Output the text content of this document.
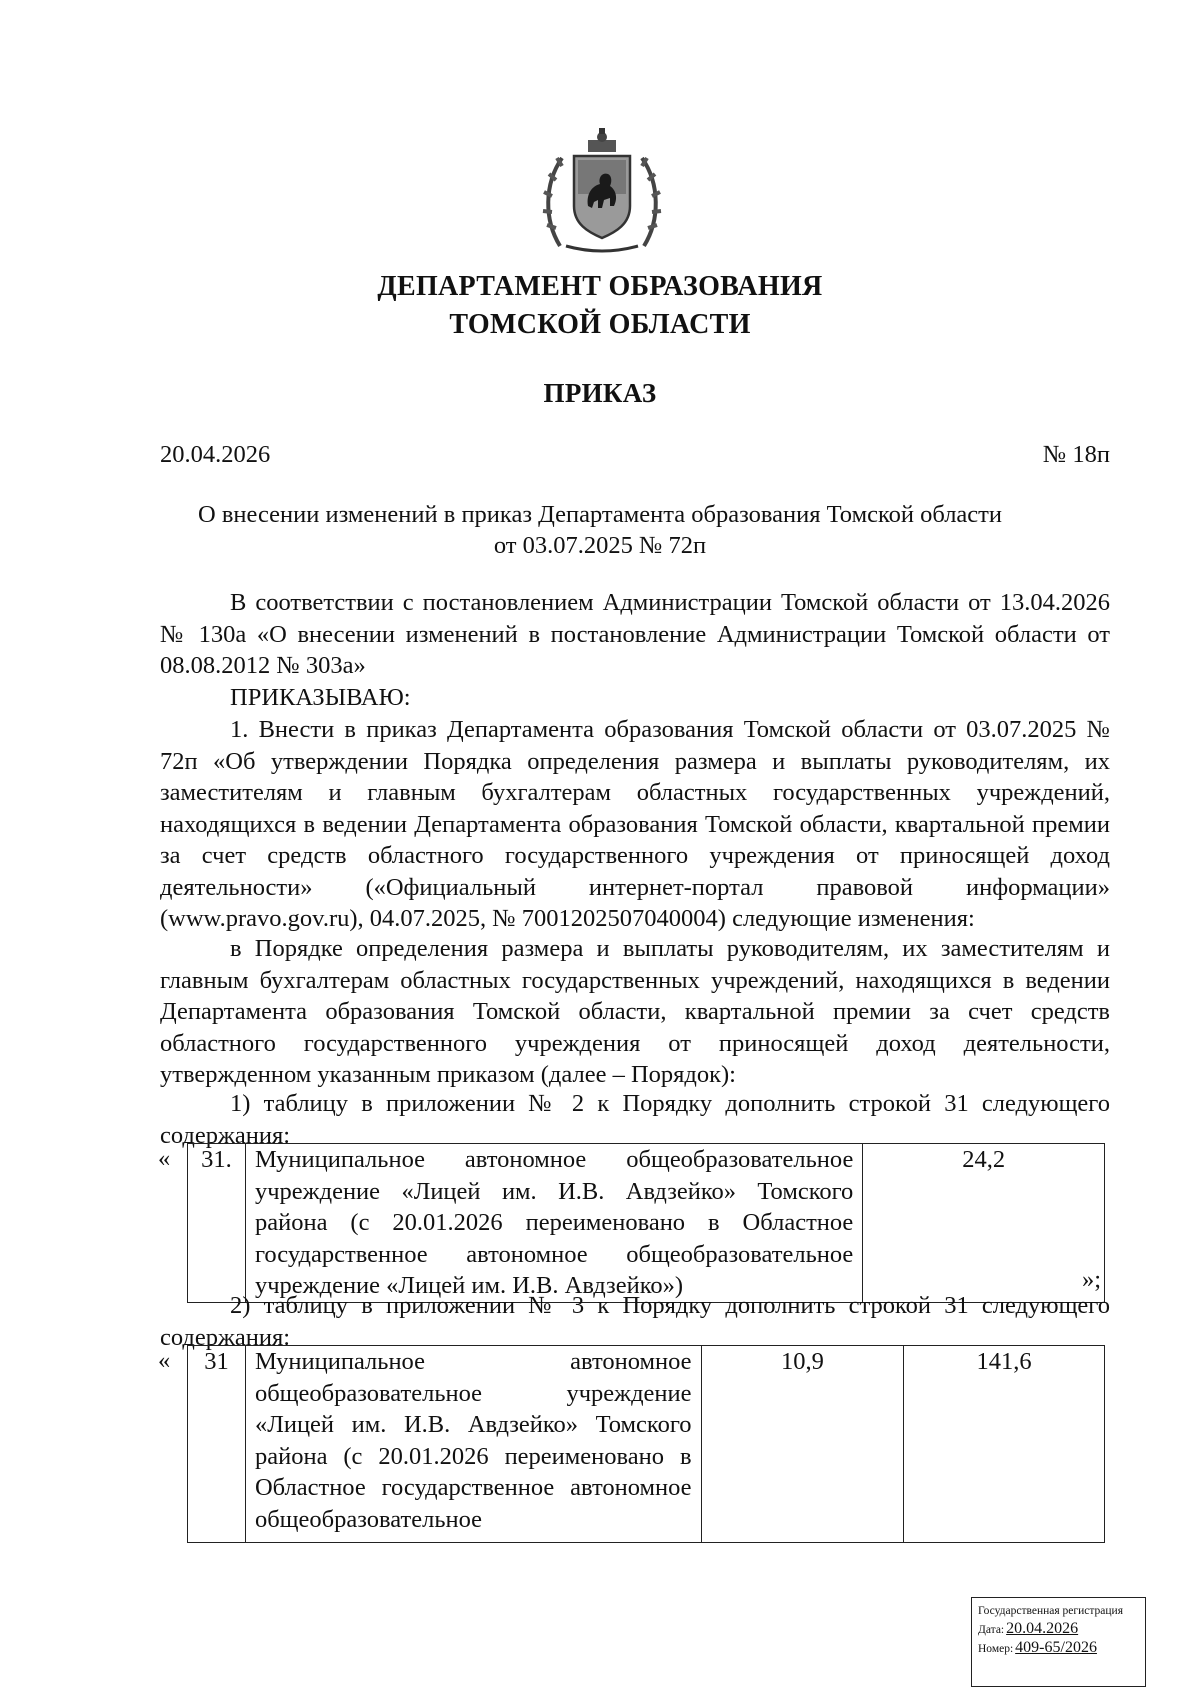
ДЕПАРТАМЕНТ ОБРАЗОВАНИЯ
ТОМСКОЙ ОБЛАСТИ
ПРИКАЗ
20.04.2026	№ 18п
О внесении изменений в приказ Департамента образования Томской области
от 03.07.2025 № 72п
В соответствии с постановлением Администрации Томской области от 13.04.2026 № 130а «О внесении изменений в постановление Администрации Томской области от 08.08.2012 № 303а»
ПРИКАЗЫВАЮ:
1. Внести в приказ Департамента образования Томской области от 03.07.2025 № 72п «Об утверждении Порядка определения размера и выплаты руководителям, их заместителям и главным бухгалтерам областных государственных учреждений, находящихся в ведении Департамента образования Томской области, квартальной премии за счет средств областного государственного учреждения от приносящей доход деятельности» («Официальный интернет-портал правовой информации» (www.pravo.gov.ru), 04.07.2025, № 7001202507040004) следующие изменения:
в Порядке определения размера и выплаты руководителям, их заместителям и главным бухгалтерам областных государственных учреждений, находящихся в ведении Департамента образования Томской области, квартальной премии за счет средств областного государственного учреждения от приносящей доход деятельности, утвержденном указанным приказом (далее – Порядок):
1) таблицу в приложении № 2 к Порядку дополнить строкой 31 следующего содержания:
« 31.	Муниципальное автономное общеобразовательное учреждение «Лицей им. И.В. Авдзейко» Томского района (с 20.01.2026 переименовано в Областное государственное автономное общеобразовательное учреждение «Лицей им. И.В. Авдзейко»)	24,2
»;
2) таблицу в приложении № 3 к Порядку дополнить строкой 31 следующего содержания:
« 31	Муниципальное автономное общеобразовательное учреждение «Лицей им. И.В. Авдзейко» Томского района (с 20.01.2026 переименовано в Областное государственное автономное общеобразовательное	10,9	141,6
Государственная регистрация
Дата: 20.04.2026
Номер: 409-65/2026
